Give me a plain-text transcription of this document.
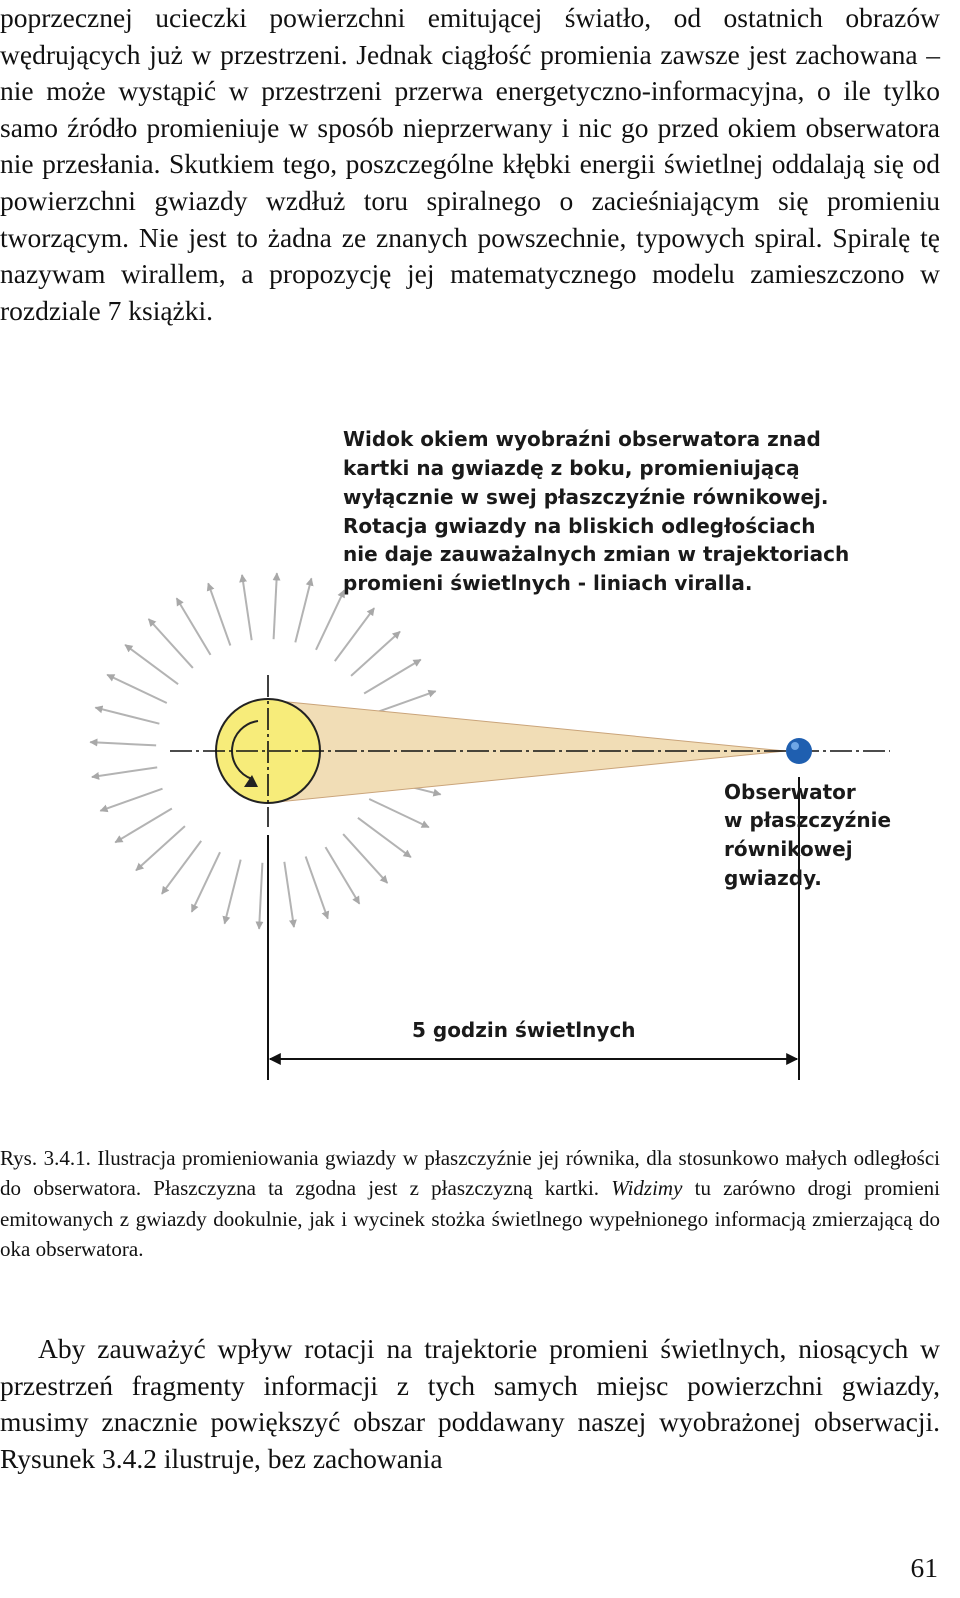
poprzecznej ucieczki powierzchni emitującej światło, od ostatnich obrazów wędrujących już w przestrzeni. Jednak ciągłość promienia zawsze jest zachowana – nie może wystąpić w przestrzeni przerwa energetyczno-informacyjna, o ile tylko samo źródło promieniuje w sposób nieprzerwany i nic go przed okiem obserwatora nie przesłania. Skutkiem tego, poszczególne kłębki energii świetlnej oddalają się od powierzchni gwiazdy wzdłuż toru spiralnego o zacieśniającym się promieniu tworzącym. Nie jest to żadna ze znanych powszechnie, typowych spiral. Spiralę tę nazywam wirallem, a propozycję jej matematycznego modelu zamieszczono w rozdziale 7 książki.

Widok okiem wyobraźni obserwatora znad kartki na gwiazdę z boku, promieniującą wyłącznie w swej płaszczyźnie równikowej. Rotacja gwiazdy na bliskich odległościach nie daje zauważalnych zmian w trajektoriach promieni świetlnych - liniach viralla.
Obserwator w płaszczyźnie równikowej gwiazdy.
5 godzin świetlnych

Rys. 3.4.1. Ilustracja promieniowania gwiazdy w płaszczyźnie jej równika, dla stosunkowo małych odległości do obserwatora. Płaszczyzna ta zgodna jest z płaszczyzną kartki. Widzimy tu zarówno drogi promieni emitowanych z gwiazdy dookulnie, jak i wycinek stożka świetlnego wypełnionego informacją zmierzającą do oka obserwatora.

Aby zauważyć wpływ rotacji na trajektorie promieni świetlnych, niosących w przestrzeń fragmenty informacji z tych samych miejsc powierzchni gwiazdy, musimy znacznie powiększyć obszar poddawany naszej wyobrażonej obserwacji. Rysunek 3.4.2 ilustruje, bez zachowania

61
